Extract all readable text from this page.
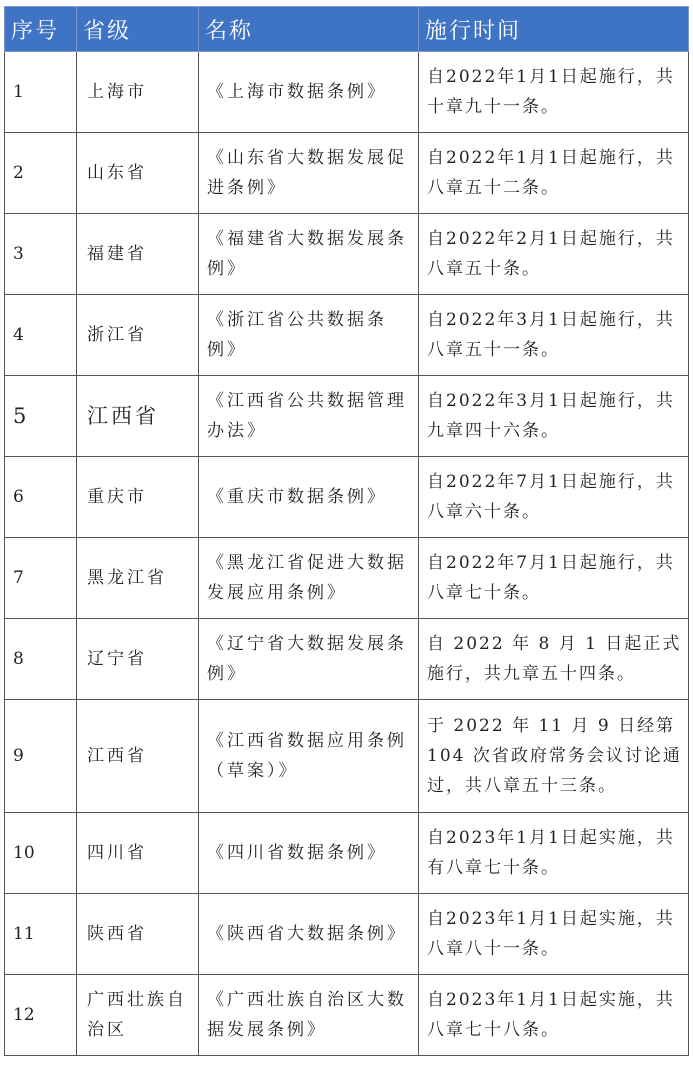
序号	省级	名称	施行时间
1	上海市	《上海市数据条例》	自2022年1月1日起施行，共十章九十一条。
2	山东省	《山东省大数据发展促进条例》	自2022年1月1日起施行，共八章五十二条。
3	福建省	《福建省大数据发展条例》	自2022年2月1日起施行，共八章五十条。
4	浙江省	《浙江省公共数据条例》	自2022年3月1日起施行，共八章五十一条。
5	江西省	《江西省公共数据管理办法》	自2022年3月1日起施行，共九章四十六条。
6	重庆市	《重庆市数据条例》	自2022年7月1日起施行，共八章六十条。
7	黑龙江省	《黑龙江省促进大数据发展应用条例》	自2022年7月1日起施行，共八章七十条。
8	辽宁省	《辽宁省大数据发展条例》	自 2022 年 8 月 1 日起正式施行，共九章五十四条。
9	江西省	《江西省数据应用条例（草案）》	于 2022 年 11 月 9 日经第104 次省政府常务会议讨论通过，共八章五十三条。
10	四川省	《四川省数据条例》	自2023年1月1日起实施，共有八章七十条。
11	陕西省	《陕西省大数据条例》	自2023年1月1日起实施，共八章八十一条。
12	广西壮族自治区	《广西壮族自治区大数据发展条例》	自2023年1月1日起实施，共八章七十八条。
